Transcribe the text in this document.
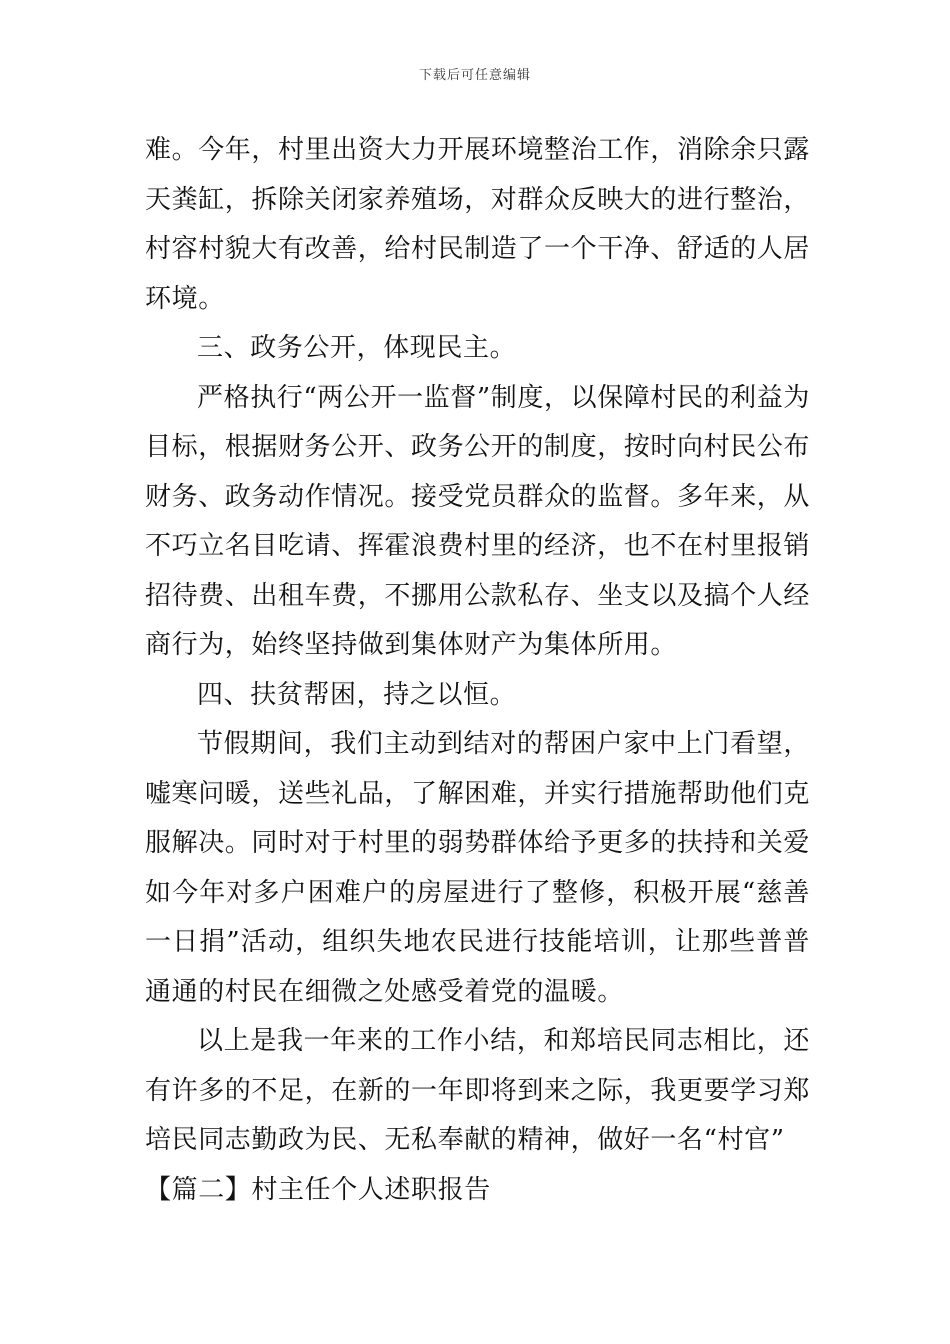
下载后可任意编辑

难。今年，村里出资大力开展环境整治工作，消除余只露天粪缸，拆除关闭家养殖场，对群众反映大的进行整治，村容村貌大有改善，给村民制造了一个干净、舒适的人居环境。

三、政务公开，体现民主。

严格执行“两公开一监督”制度，以保障村民的利益为目标，根据财务公开、政务公开的制度，按时向村民公布财务、政务动作情况。接受党员群众的监督。多年来，从不巧立名目吃请、挥霍浪费村里的经济，也不在村里报销招待费、出租车费，不挪用公款私存、坐支以及搞个人经商行为，始终坚持做到集体财产为集体所用。

四、扶贫帮困，持之以恒。

节假期间，我们主动到结对的帮困户家中上门看望，嘘寒问暖，送些礼品，了解困难，并实行措施帮助他们克服解决。同时对于村里的弱势群体给予更多的扶持和关爱如今年对多户困难户的房屋进行了整修，积极开展“慈善一日捐”活动，组织失地农民进行技能培训，让那些普普通通的村民在细微之处感受着党的温暖。

以上是我一年来的工作小结，和郑培民同志相比，还有许多的不足，在新的一年即将到来之际，我更要学习郑培民同志勤政为民、无私奉献的精神，做好一名“村官”

【篇二】村主任个人述职报告
